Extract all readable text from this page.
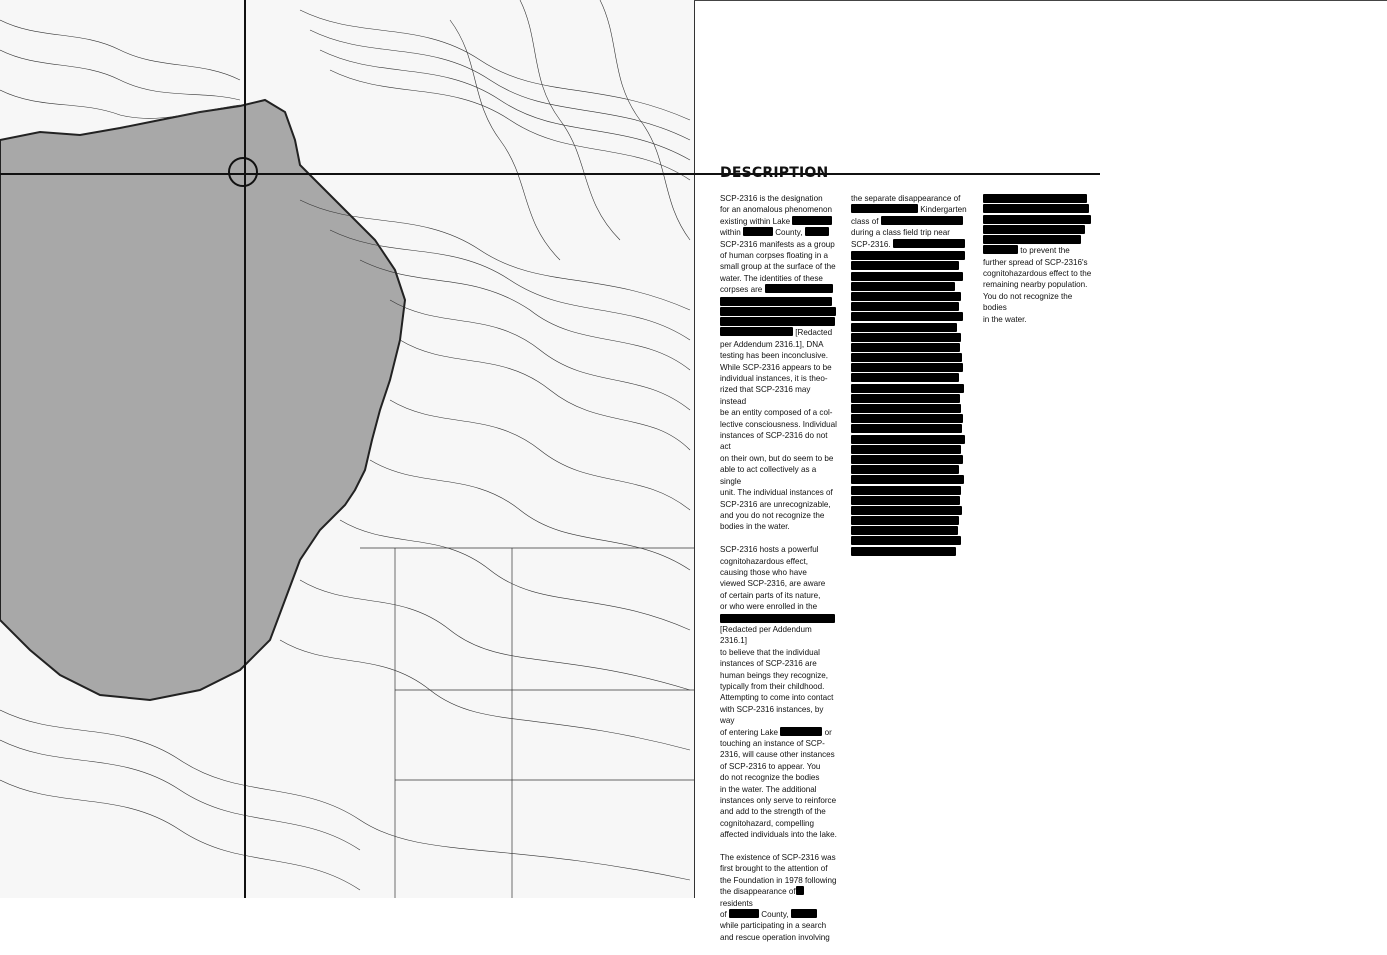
DESCRIPTION

SCP-2316 is the designation
for an anomalous phenomenon
existing within Lake
within	County,
SCP-2316 manifests as a group
of human corpses floating in a
small group at the surface of the
water. The identities of these
corpses are
[Redacted
per Addendum 2316.1], DNA
testing has been inconclusive.
While SCP-2316 appears to be
individual instances, it is theo-
rized that SCP-2316 may instead
be an entity composed of a col-
lective consciousness. Individual
instances of SCP-2316 do not act
on their own, but do seem to be
able to act collectively as a single
unit. The individual instances of
SCP-2316 are unrecognizable,
and you do not recognize the
bodies in the water.

SCP-2316 hosts a powerful
cognitohazardous effect,
causing those who have
viewed SCP-2316, are aware
of certain parts of its nature,
or who were enrolled in the
[Redacted per Addendum 2316.1]
to believe that the individual
instances of SCP-2316 are
human beings they recognize,
typically from their childhood.
Attempting to come into contact
with SCP-2316 instances, by way
of entering Lake	or
touching an instance of SCP-
2316, will cause other instances
of SCP-2316 to appear. You
do not recognize the bodies
in the water. The additional
instances only serve to reinforce
and add to the strength of the
cognitohazard, compelling
affected individuals into the lake.

The existence of SCP-2316 was
first brought to the attention of
the Foundation in 1978 following
the disappearance of residents
of	County,
while participating in a search
and rescue operation involving

the separate disappearance of
Kindergarten
class of
during a class field trip near
SCP-2316.
to prevent the
further spread of SCP-2316's
cognitohazardous effect to the
remaining nearby population.
You do not recognize the bodies
in the water.
